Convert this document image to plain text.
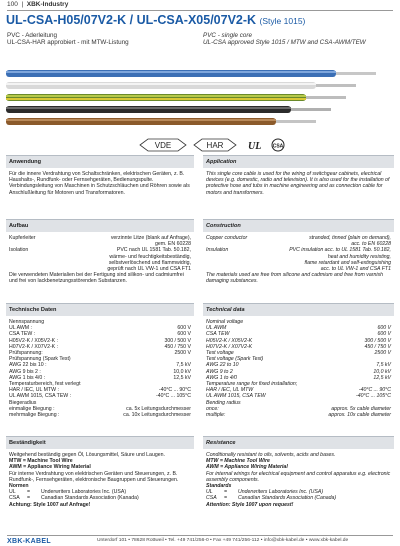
100  |  XBK-Industry
UL-CSA-H05/07V2-K / UL-CSA-X05/07V2-K (Style 1015)
PVC - Aderleitung
UL-CSA-HAR approbiert - mit MTW-Listung
PVC - single core
UL-CSA approved Style 1015 / MTW and CSA-AWM/TEW
VDE	HAR UL CSA
Anwendung
Für die innere Verdrahtung von Schaltschränken, elektrischen Geräten, z. B. Haushalts-, Rundfunk- oder Fernsehgeräten, Bedienungspulte. Verbindungsleitung von Maschinen in Schutzschläuchen und Röhren sowie als Anschlußleitung für Motoren und Transformatoren.
Aufbau
Kupferleiter	verzinnte Litze (blank auf Anfrage),
gem. EN 60228
Isolation	PVC nach UL 1581 Tab. 50.182,
wärme- und feuchtigkeitsbeständig,
selbstverlöschend und flammwidrig,
geprüft nach UL VW-1 und CSA FT1
Die verwendeten Materialien bei der Fertigung sind silikon- und cadmiumfrei und frei von lackbenetzungsstörenden Substanzen.
Technische Daten
Nennspannung
UL AWM :	600 V
CSA TEW :	600 V
H05V2-K / X05V2-K :	300 / 500 V
H07V2-K / X07V2-K :	450 / 750 V
Prüfspannung:	2500 V
Prüfspannung (Spark Test)
AWG 22 bis 10 :	7,5 kV
AWG 9 bis 2 :	10,0 kV
AWG 1 bis 4/0 :	12,5 kV
Temperaturbereich, fest verlegt
HAR / IEC, UL MTW :	-40°C ... 90°C
UL AWM 1015, CSA TEW :	-40°C ... 105°C
Biegeradius
einmalige Biegung :	ca. 5x Leitungsdurchmesser
mehrmalige Biegung :	ca. 10x Leitungsdurchmesser
Beständigkeit
Weitgehend beständig gegen Öl, Lösungsmittel, Säure und Laugen.
MTW = Machine Tool Wire
AWM = Appliance Wiring Material
Für interne Verdrahtung von elektrischen Geräten und Steuerungen, z. B. Rundfunk-, Fernsehgeräten, elektronische Baugruppen und Steuerungen.
Normen
UL	=	Underwriters Laboratories Inc. (USA)
CSA	=	Canadian Standards Association (Kanada)
Achtung: Style 1007 auf Anfrage!
Application
This single core cable is used for the wiring of switchgear cabinets, electrical devices (e.g. domestic, radio and television). It is also used for the installation of protective hose and tubs in machine engineering and as connection cable for motors and transformers.
Construction
Copper conductor	stranded, tinned (plain on demand),
acc. to EN 60228
Insulation	PVC insulation acc. to UL 1581 Tab. 50.182,
heat and humidity resisting,
flame retardant and self-extinguishing
acc. to UL VW-1 and CSA FT1
The materials used are free from silicone and cadmium and free from varnish damaging substances.
Technical data
Nominal voltage
UL AWM	600 V
CSA TEW	600 V
H05V2-K / X05V2-K	300 / 500 V
H07V2-K / X07V2-K	450 / 750 V
Test voltage	2500 V
Test voltage (Spark Test)
AWG 22 to 10	7,5 kV
AWG 9 to 2	10,0 kV
AWG 1 to 4/0	12,5 kV
Temperature range for fixed installation;
HAR / IEC, UL MTW	-40°C ... 90°C
UL AWM 1015, CSA TEW	-40°C ... 105°C
Bending radius
once:	approx. 5x cable diameter
multiple:	approx. 10x cable diameter
Resistance
Conditionally resistant to oils, solvents, acids and bases.
MTW = Machine Tool Wire
AWM = Appliance Wiring Material
For internal wirings for electrical equipment and control apparatus e.g. electronic assembly components.
Standards
UL	=	Underwriters Laboratories Inc. (USA)
CSA	=	Canadian Standards Association (Canada)
Attention: Style 1007 upon request!
XBK-KABEL	Unterdorf 101 • 78628 Rottweil • Tel. +49 741/256-0 • Fax +49 741/256-112 • info@xbk-kabel.de • www.xbk-kabel.de
